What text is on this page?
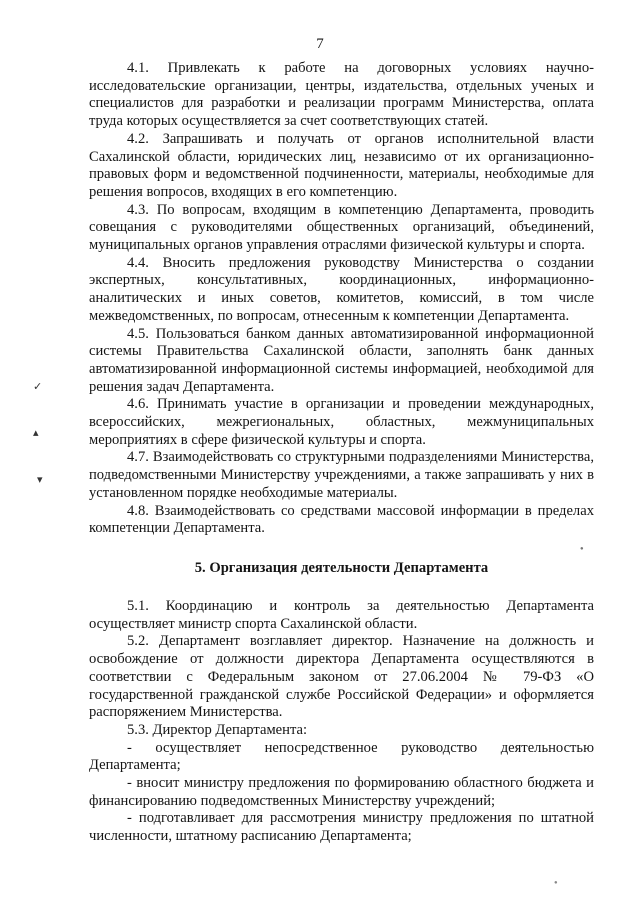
7

4.1. Привлекать к работе на договорных условиях научно-исследовательские организации, центры, издательства, отдельных ученых и специалистов для разработки и реализации программ Министерства, оплата труда которых осуществляется за счет соответствующих статей.

4.2. Запрашивать и получать от органов исполнительной власти Сахалинской области, юридических лиц, независимо от их организационно-правовых форм и ведомственной подчиненности, материалы, необходимые для решения вопросов, входящих в его компетенцию.

4.3. По вопросам, входящим в компетенцию Департамента, проводить совещания с руководителями общественных организаций, объединений, муниципальных органов управления отраслями физической культуры и спорта.

4.4. Вносить предложения руководству Министерства о создании экспертных, консультативных, координационных, информационно-аналитических и иных советов, комитетов, комиссий, в том числе межведомственных, по вопросам, отнесенным к компетенции Департамента.

4.5. Пользоваться банком данных автоматизированной информационной системы Правительства Сахалинской области, заполнять банк данных автоматизированной информационной системы информацией, необходимой для решения задач Департамента.

4.6. Принимать участие в организации и проведении международных, всероссийских, межрегиональных, областных, межмуниципальных мероприятиях в сфере физической культуры и спорта.

4.7. Взаимодействовать со структурными подразделениями Министерства, подведомственными Министерству учреждениями, а также запрашивать у них в установленном порядке необходимые материалы.

4.8. Взаимодействовать со средствами массовой информации в пределах компетенции Департамента.

5. Организация деятельности Департамента

5.1. Координацию и контроль за деятельностью Департамента осуществляет министр спорта Сахалинской области.

5.2. Департамент возглавляет директор. Назначение на должность и освобождение от должности директора Департамента осуществляются в соответствии с Федеральным законом от 27.06.2004 № 79-ФЗ «О государственной гражданской службе Российской Федерации» и оформляется распоряжением Министерства.

5.3. Директор Департамента:

- осуществляет непосредственное руководство деятельностью Департамента;

- вносит министру предложения по формированию областного бюджета и финансированию подведомственных Министерству учреждений;

- подготавливает для рассмотрения министру предложения по штатной численности, штатному расписанию Департамента;

✓
▴
▾
●
●
